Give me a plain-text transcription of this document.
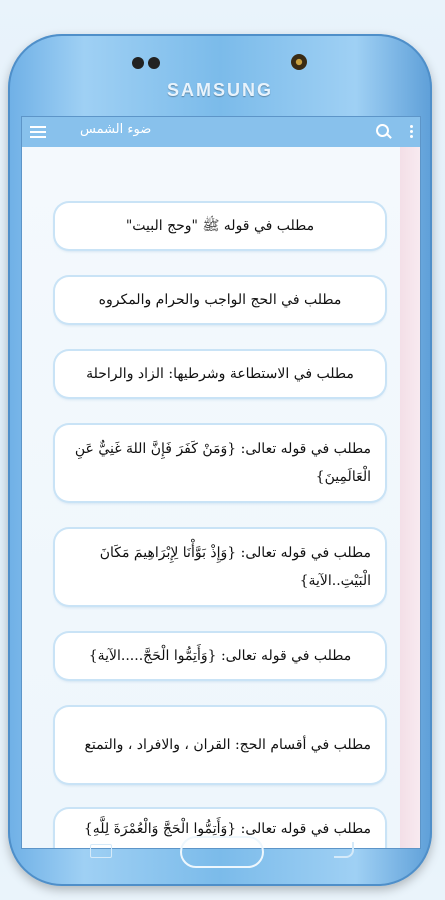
SAMSUNG
ضوء الشمس
مطلب في قوله ﷺ "وحج البيت"
مطلب في الحج الواجب والحرام والمكروه
مطلب في الاستطاعة وشرطيها: الزاد والراحلة
مطلب في قوله تعالى: {وَمَنْ كَفَرَ فَإِنَّ اللهَ غَنِيٌّ عَنِ الْعَالَمِينَ}
مطلب في قوله تعالى: {وَإِذْ بَوَّأْنَا لِإِبْرَاهِيمَ مَكَانَ الْبَيْتِ..الآية}
مطلب في قوله تعالى: {وَأَتِمُّوا الْحَجَّ.....الآية}
مطلب في أقسام الحج: القران ، والافراد ، والتمتع
مطلب في قوله تعالى: {وَأَتِمُّوا الْحَجَّ وَالْعُمْرَةَ لِلَّهِ}
